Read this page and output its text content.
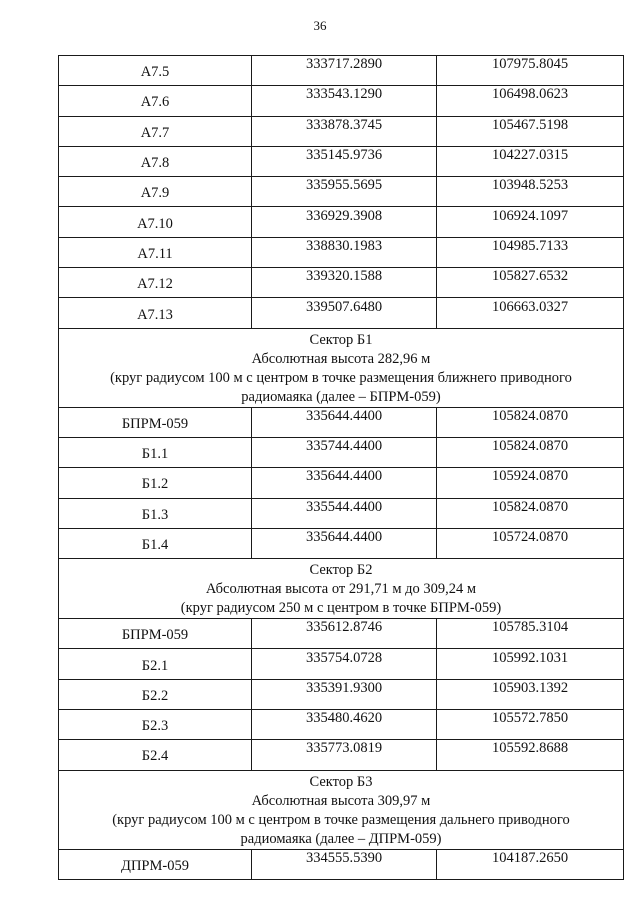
36
A7.5	333717.2890	107975.8045
A7.6	333543.1290	106498.0623
A7.7	333878.3745	105467.5198
A7.8	335145.9736	104227.0315
A7.9	335955.5695	103948.5253
A7.10	336929.3908	106924.1097
A7.11	338830.1983	104985.7133
A7.12	339320.1588	105827.6532
A7.13	339507.6480	106663.0327

Сектор Б1
Абсолютная высота 282,96 м
(круг радиусом 100 м с центром в точке размещения ближнего приводного
радиомаяка (далее – БПРМ-059)		

БПРМ-059	335644.4400	105824.0870
Б1.1	335744.4400	105824.0870
Б1.2	335644.4400	105924.0870
Б1.3	335544.4400	105824.0870
Б1.4	335644.4400	105724.0870

Сектор Б2
Абсолютная высота от 291,71 м до 309,24 м
(круг радиусом 250 м с центром в точке БПРМ-059)		

БПРМ-059	335612.8746	105785.3104
Б2.1	335754.0728	105992.1031
Б2.2	335391.9300	105903.1392
Б2.3	335480.4620	105572.7850
Б2.4	335773.0819	105592.8688

Сектор Б3
Абсолютная высота 309,97 м
(круг радиусом 100 м с центром в точке размещения дальнего приводного
радиомаяка (далее – ДПРМ-059)		

ДПРМ-059	334555.5390	104187.2650
